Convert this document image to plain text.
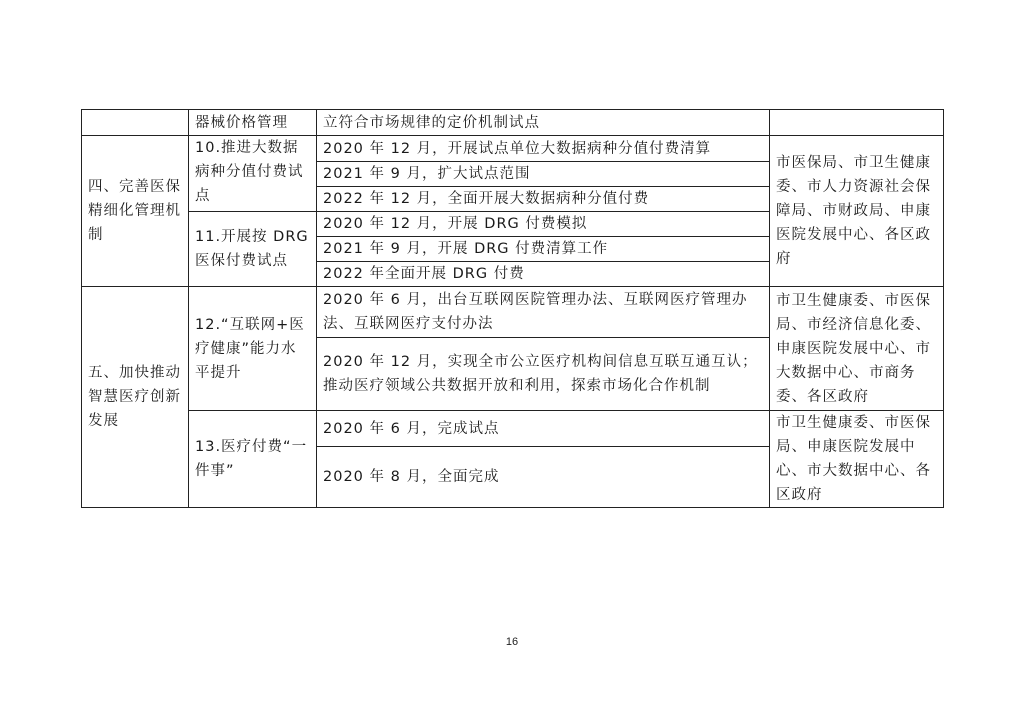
	器械价格管理	立符合市场规律的定价机制试点	
四、完善医保精细化管理机制	10.推进大数据病种分值付费试点	2020 年 12 月，开展试点单位大数据病种分值付费清算	市医保局、市卫生健康委、市人力资源社会保障局、市财政局、申康医院发展中心、各区政府
		2021 年 9 月，扩大试点范围	
		2022 年 12 月，全面开展大数据病种分值付费	
	11.开展按 DRG 医保付费试点	2020 年 12 月，开展 DRG 付费模拟	
		2021 年 9 月，开展 DRG 付费清算工作	
		2022 年全面开展 DRG 付费	
五、加快推动智慧医疗创新发展	12.“互联网+医疗健康”能力水平提升	2020 年 6 月，出台互联网医院管理办法、互联网医疗管理办法、互联网医疗支付办法	市卫生健康委、市医保局、市经济信息化委、申康医院发展中心、市大数据中心、市商务委、各区政府
		2020 年 12 月，实现全市公立医疗机构间信息互联互通互认；推动医疗领域公共数据开放和利用，探索市场化合作机制	
	13.医疗付费“一件事”	2020 年 6 月，完成试点	市卫生健康委、市医保局、申康医院发展中心、市大数据中心、各区政府
		2020 年 8 月，全面完成	
16
